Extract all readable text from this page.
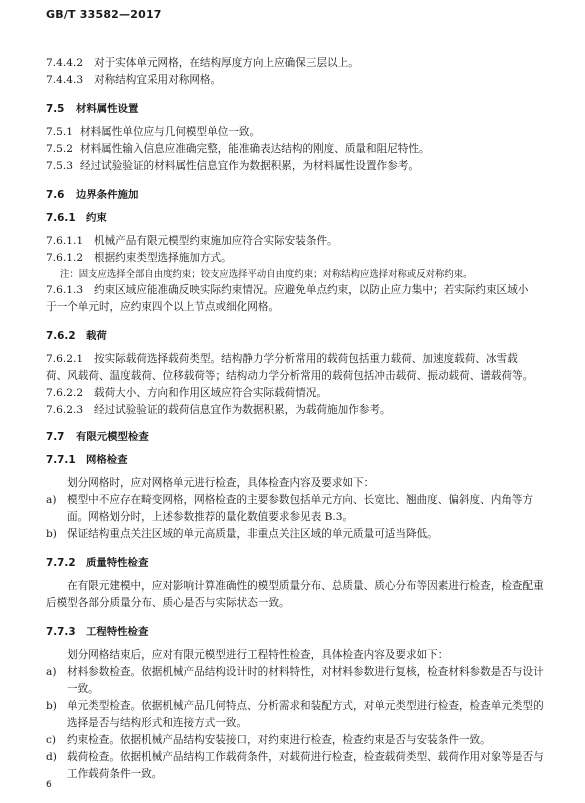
GB/T 33582—2017
7.4.4.2 对于实体单元网格，在结构厚度方向上应确保三层以上。
7.4.4.3 对称结构宜采用对称网格。
7.5 材料属性设置
7.5.1 材料属性单位应与几何模型单位一致。
7.5.2 材料属性输入信息应准确完整，能准确表达结构的刚度、质量和阻尼特性。
7.5.3 经过试验验证的材料属性信息宜作为数据积累，为材料属性设置作参考。
7.6 边界条件施加
7.6.1 约束
7.6.1.1 机械产品有限元模型约束施加应符合实际安装条件。
7.6.1.2 根据约束类型选择施加方式。
注：固支应选择全部自由度约束；铰支应选择平动自由度约束；对称结构应选择对称或反对称约束。
7.6.1.3 约束区域应能准确反映实际约束情况。应避免单点约束，以防止应力集中；若实际约束区域小
于一个单元时，应约束四个以上节点或细化网格。
7.6.2 载荷
7.6.2.1 按实际载荷选择载荷类型。结构静力学分析常用的载荷包括重力载荷、加速度载荷、冰雪载
荷、风载荷、温度载荷、位移载荷等；结构动力学分析常用的载荷包括冲击载荷、振动载荷、谱载荷等。
7.6.2.2 载荷大小、方向和作用区域应符合实际载荷情况。
7.6.2.3 经过试验验证的载荷信息宜作为数据积累，为载荷施加作参考。
7.7 有限元模型检查
7.7.1 网格检查
划分网格时，应对网格单元进行检查，具体检查内容及要求如下：
a) 模型中不应存在畸变网格，网格检查的主要参数包括单元方向、长宽比、翘曲度、偏斜度、内角等方面。网格划分时，上述参数推荐的量化数值要求参见表 B.3。
b) 保证结构重点关注区域的单元高质量，非重点关注区域的单元质量可适当降低。
7.7.2 质量特性检查
在有限元建模中，应对影响计算准确性的模型质量分布、总质量、质心分布等因素进行检查，检查配重后模型各部分质量分布、质心是否与实际状态一致。
7.7.3 工程特性检查
划分网格结束后，应对有限元模型进行工程特性检查，具体检查内容及要求如下：
a) 材料参数检查。依据机械产品结构设计时的材料特性，对材料参数进行复核，检查材料参数是否与设计一致。
b) 单元类型检查。依据机械产品几何特点、分析需求和装配方式，对单元类型进行检查，检查单元类型的选择是否与结构形式和连接方式一致。
c)	约束检查。依据机械产品结构安装接口，对约束进行检查，检查约束是否与安装条件一致。
d) 载荷检查。依据机械产品结构工作载荷条件，对载荷进行检查，检查载荷类型、载荷作用对象等是否与工作载荷条件一致。
6
